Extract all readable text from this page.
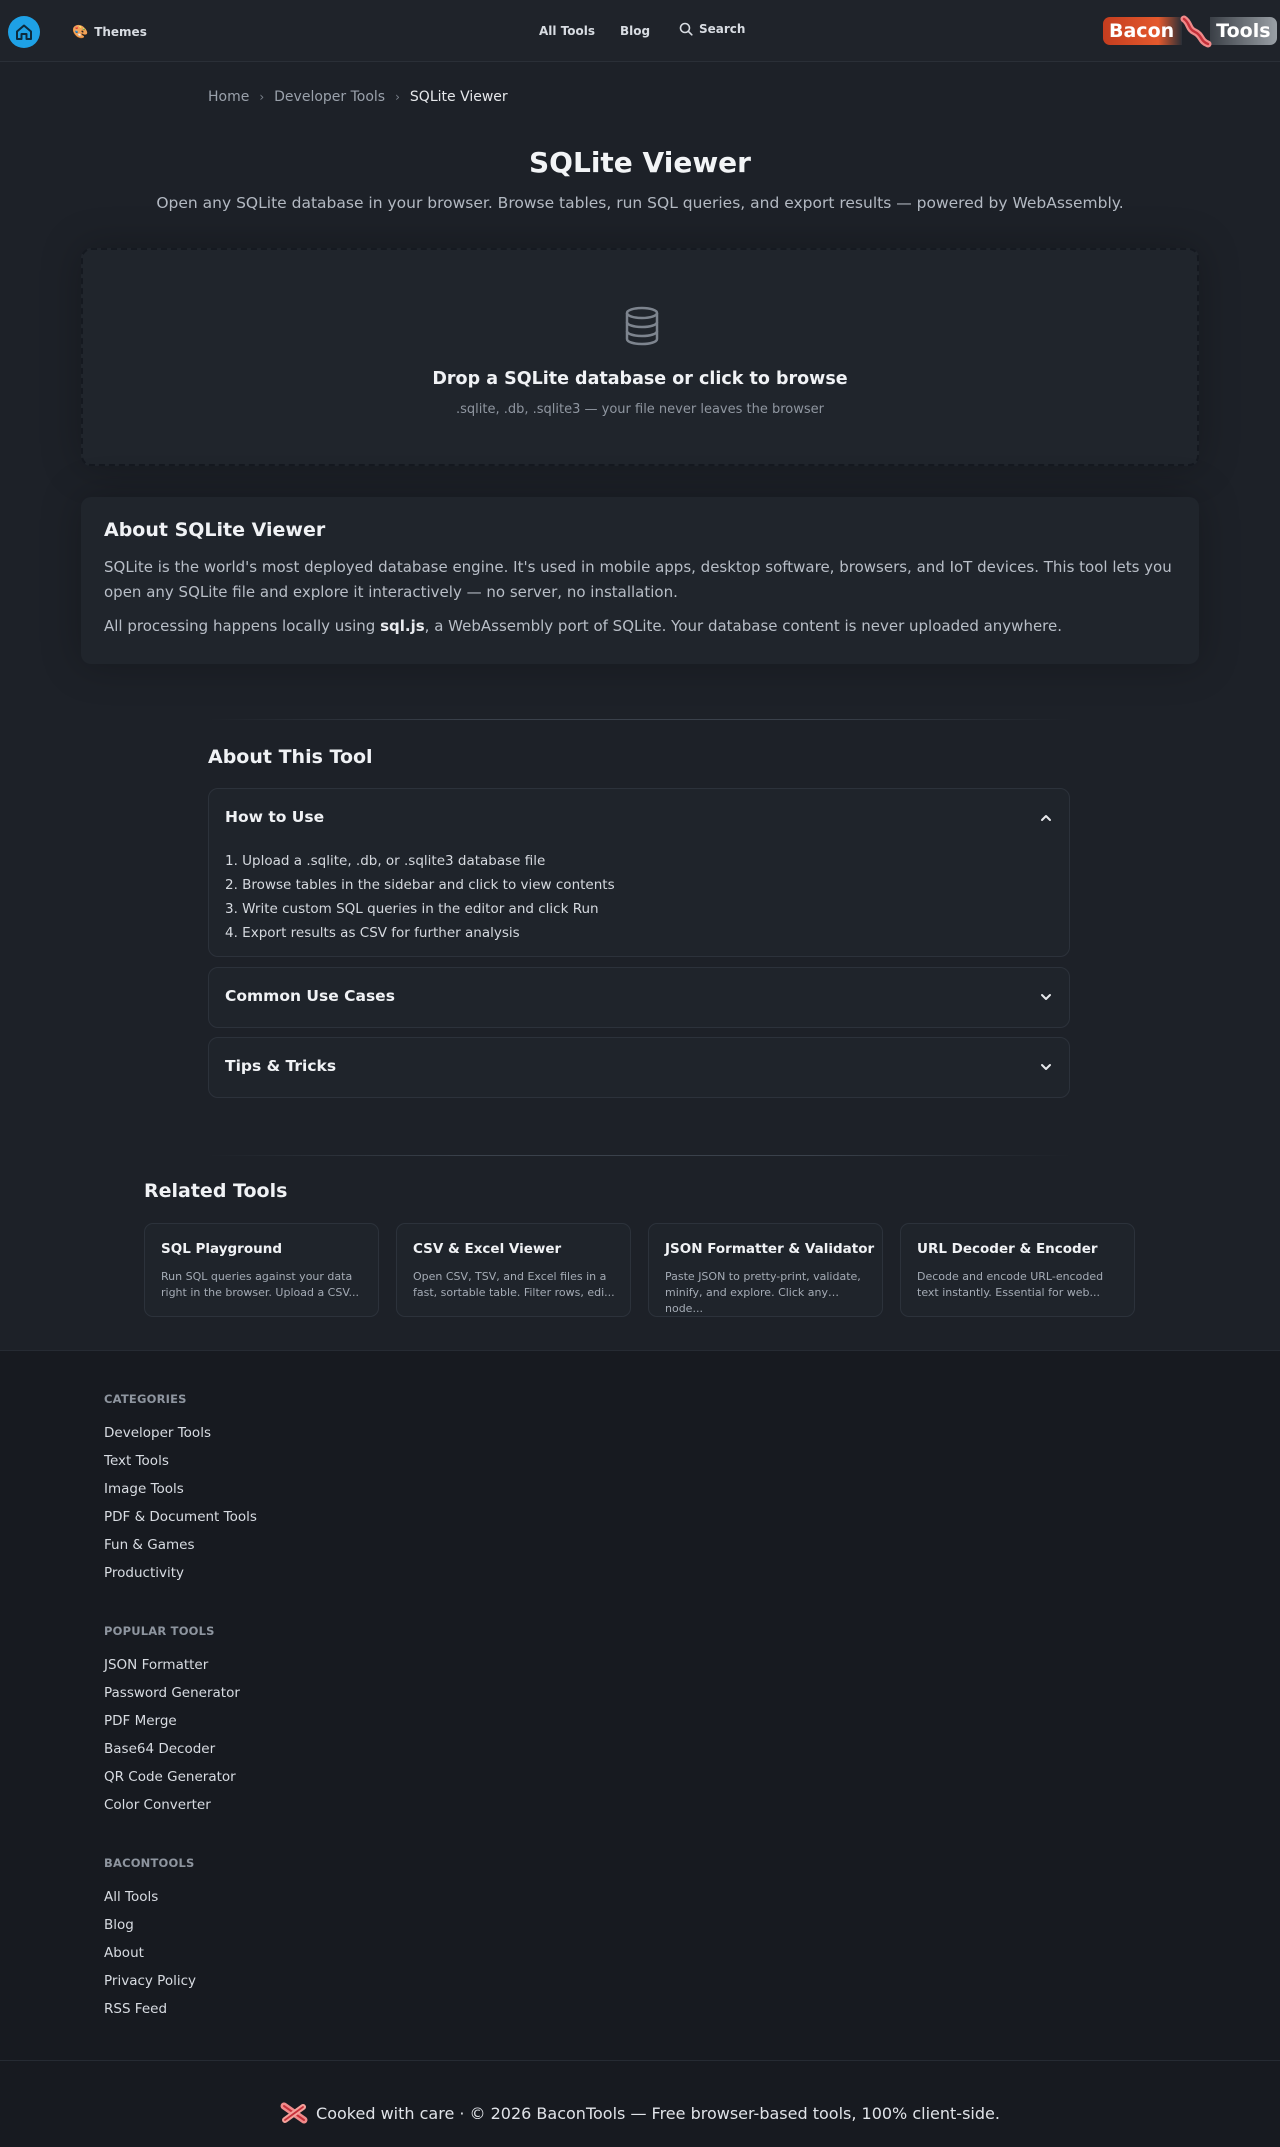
🎨 Themes	All Tools Blog	Search	Bacon	Tools
Home › Developer Tools › SQLite Viewer
SQLite Viewer

Open any SQLite database in your browser. Browse tables, run SQL queries, and export results — powered by WebAssembly.

Drop a SQLite database or click to browse
.sqlite, .db, .sqlite3 — your file never leaves the browser
About SQLite Viewer

SQLite is the world's most deployed database engine. It's used in mobile apps, desktop software, browsers, and IoT devices. This tool lets you open any SQLite file and explore it interactively — no server, no installation.

All processing happens locally using sql.js, a WebAssembly port of SQLite. Your database content is never uploaded anywhere.

About This Tool
How to Use
1. Upload a .sqlite, .db, or .sqlite3 database file
2. Browse tables in the sidebar and click to view contents
3. Write custom SQL queries in the editor and click Run
4. Export results as CSV for further analysis
Common Use Cases
Tips & Tricks
Related Tools
SQL Playground
Run SQL queries against your data right in the browser. Upload a CSV...
CSV & Excel Viewer
Open CSV, TSV, and Excel files in a fast, sortable table. Filter rows, edi...
JSON Formatter & Validator
Paste JSON to pretty-print, validate, minify, and explore. Click any node...
URL Decoder & Encoder
Decode and encode URL-encoded text instantly. Essential for web...
CATEGORIES
Developer Tools
Text Tools
Image Tools
PDF & Document Tools
Fun & Games
Productivity
POPULAR TOOLS
JSON Formatter
Password Generator
PDF Merge
Base64 Decoder
QR Code Generator
Color Converter
BACONTOOLS
All Tools
Blog
About
Privacy Policy
RSS Feed
Cooked with care · © 2026 BaconTools — Free browser-based tools, 100% client-side.
